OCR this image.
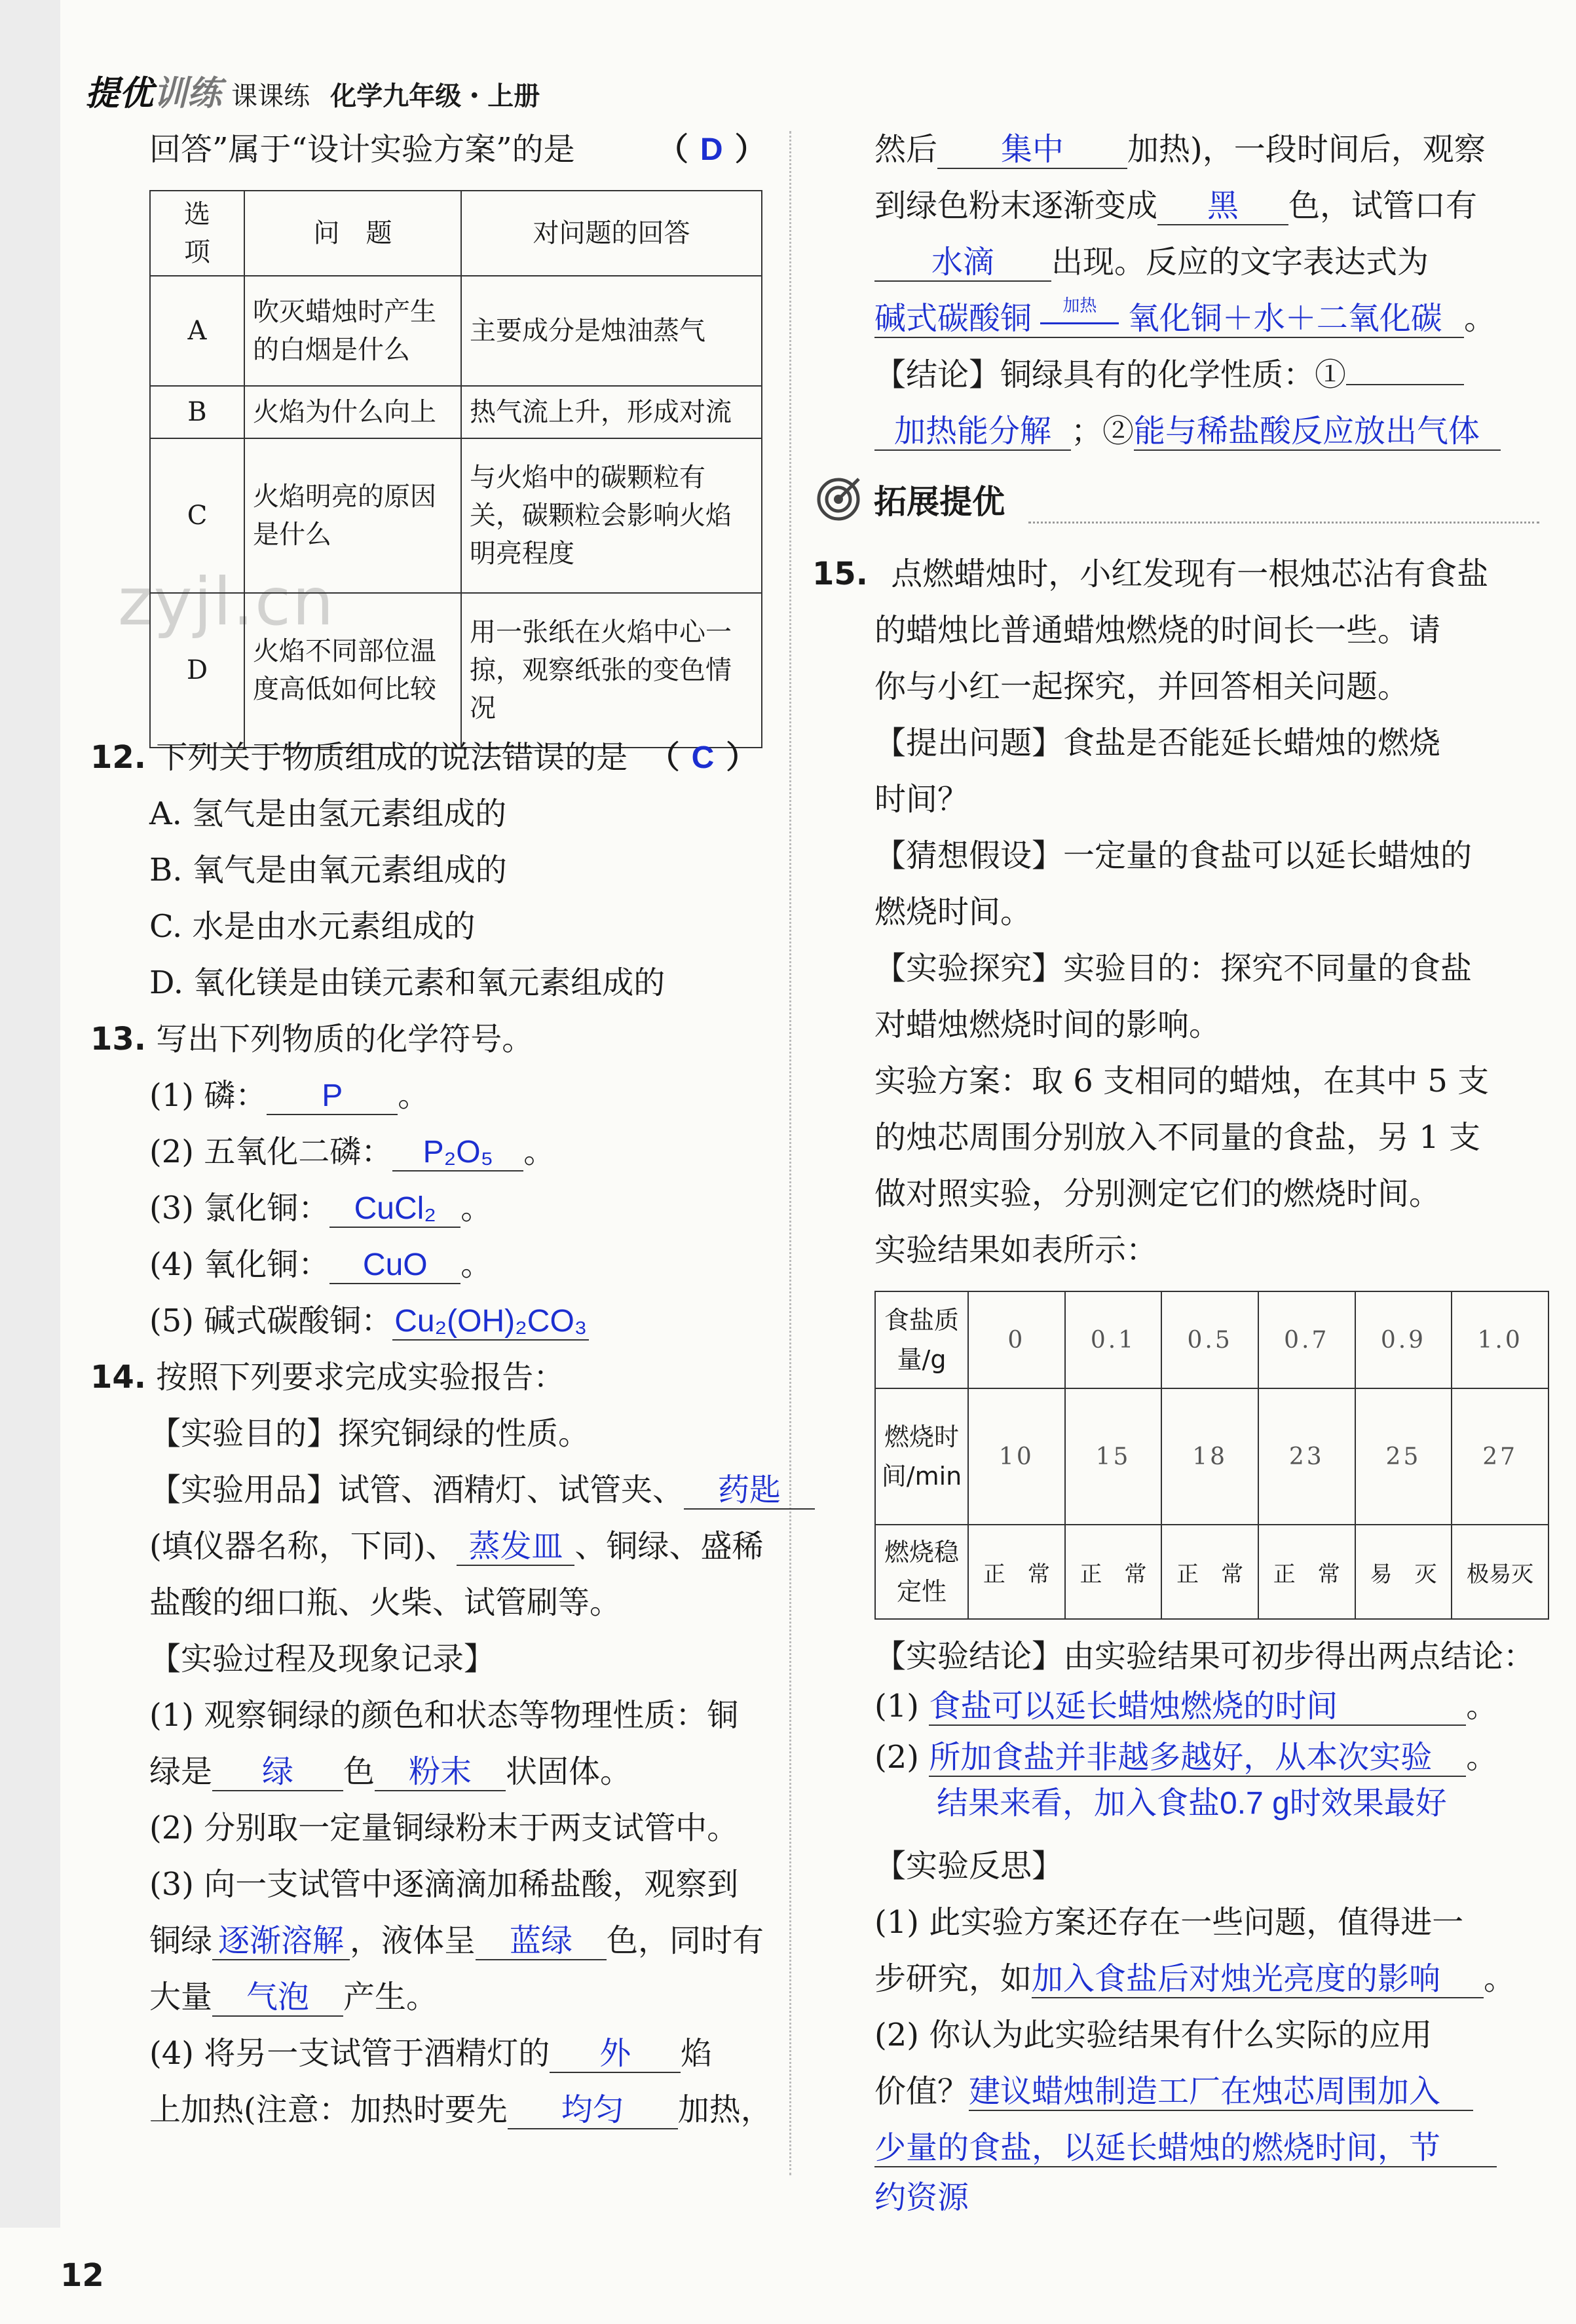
提优训练 课课练 化学九年级・上册
zyjl.cn
回答”属于“设计实验方案”的是	（ D ）
选　项	问　题	对问题的回答
A	吹灭蜡烛时产生的白烟是什么	主要成分是烛油蒸气
B	火焰为什么向上	热气流上升，形成对流
C	火焰明亮的原因是什么	与火焰中的碳颗粒有关，碳颗粒会影响火焰明亮程度
D	火焰不同部位温度高低如何比较	用一张纸在火焰中心一掠，观察纸张的变色情况
12. 下列关于物质组成的说法错误的是 （ C ）
A. 氢气是由氢元素组成的
B. 氧气是由氧元素组成的
C. 水是由水元素组成的
D. 氧化镁是由镁元素和氧元素组成的
13. 写出下列物质的化学符号。
(1) 磷： P 。
(2) 五氧化二磷： P₂O₅ 。
(3) 氯化铜： CuCl₂ 。
(4) 氧化铜： CuO 。
(5) 碱式碳酸铜：Cu₂(OH)₂CO₃
14. 按照下列要求完成实验报告：
【实验目的】探究铜绿的性质。
【实验用品】试管、酒精灯、试管夹、 药匙
(填仪器名称，下同)、 蒸发皿 、铜绿、盛稀
盐酸的细口瓶、火柴、试管刷等。
【实验过程及现象记录】
(1) 观察铜绿的颜色和状态等物理性质：铜
绿是 绿 色 粉末 状固体。
(2) 分别取一定量铜绿粉末于两支试管中。
(3) 向一支试管中逐滴滴加稀盐酸，观察到
铜绿 逐渐溶解 ，液体呈 蓝绿 色，同时有
大量 气泡 产生。
(4) 将另一支试管于酒精灯的 外 焰
上加热(注意：加热时要先 均匀 加热，
然后 集中 加热)，一段时间后，观察
到绿色粉末逐渐变成 黑 色，试管口有
水滴 出现。反应的文字表达式为
碱式碳酸铜	加热 氧化铜＋水＋二氧化碳 。
【结论】铜绿具有的化学性质：①
加热能分解 ；②能与稀盐酸反应放出气体
拓展提优
15. 点燃蜡烛时，小红发现有一根烛芯沾有食盐
的蜡烛比普通蜡烛燃烧的时间长一些。请
你与小红一起探究，并回答相关问题。
【提出问题】食盐是否能延长蜡烛的燃烧
时间？
【猜想假设】一定量的食盐可以延长蜡烛的
燃烧时间。
【实验探究】实验目的：探究不同量的食盐
对蜡烛燃烧时间的影响。
实验方案：取 6 支相同的蜡烛，在其中 5 支
的烛芯周围分别放入不同量的食盐，另 1 支
做对照实验，分别测定它们的燃烧时间。
实验结果如表所示：
食盐质量/g	0	0.1	0.5	0.7	0.9	1.0
燃烧时间/min	10	15	18	23	25	27
燃烧稳定性	正　常	正　常	正　常	正　常	易　灭	极易灭
【实验结论】由实验结果可初步得出两点结论：
(1) 食盐可以延长蜡烛燃烧的时间	。
(2) 所加食盐并非越多越好，从本次实验 。
结果来看，加入食盐0.7 g时效果最好
【实验反思】
(1) 此实验方案还存在一些问题，值得进一
步研究，如加入食盐后对烛光亮度的影响 。
(2) 你认为此实验结果有什么实际的应用
价值？建议蜡烛制造工厂在烛芯周围加入
少量的食盐，以延长蜡烛的燃烧时间，节
约资源
12
